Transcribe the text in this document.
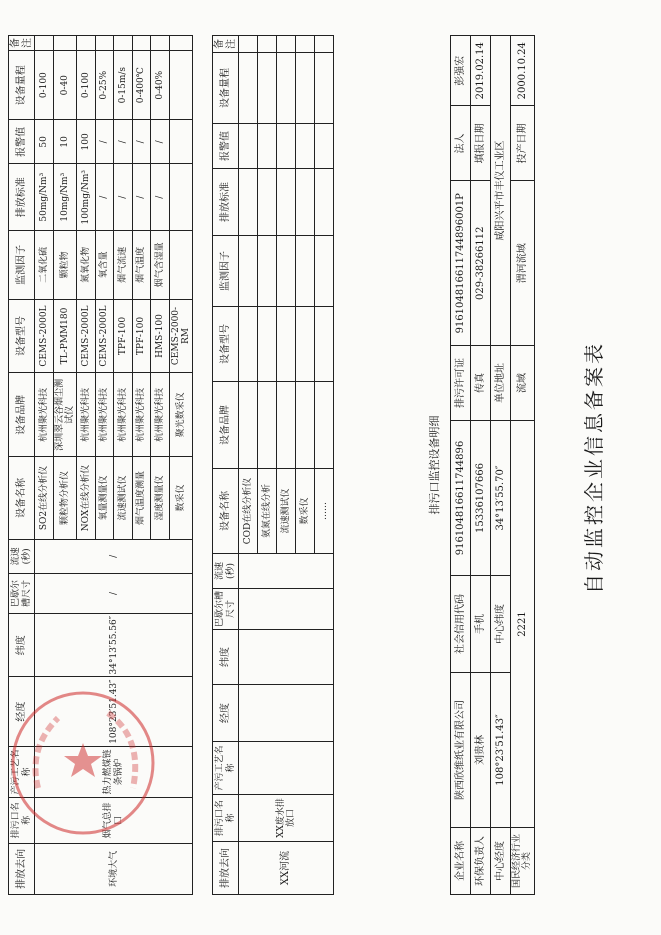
自动监控企业信息备案表
企业名称	陕西欣维纸业有限公司	社会信用代码	916104816611744896	排污许可证	916104816611744896001P	法人	彭强宏
环保负责人	刘贵林	手机	15336107666	传真	029-38266112	填报日期	2019.02.14
中心经度	108°23′51.43″	中心纬度	34°13′55.70″	单位地址	咸阳兴平市丰仪工业区		
国民经济行业分类	2221			流域	渭河流域	投产日期	2000.10.24
排污口监控设备明细
排放去向	排污口名称	产污工艺名称	经度	纬度	巴歇尔槽尺寸	流速(秒)	设备名称	设备品牌	设备型号	监测因子	排放标准	报警值	设备量程	备注
XX河流	XX废水排放口						COD在线分析仪							
							氨氮在线分析							
							流速测试仪							
							数采仪							
							……							
排放去向	排污口名称	产污工艺名称	经度	纬度	巴歇尔槽尺寸	流速(秒)	设备名称	设备品牌	设备型号	监测因子	排放标准	报警值	设备量程	备注
环境大气	烟气总排口	热力燃煤链条锅炉	108°23′51.43″	34°13′55.56″	/	/	SO2在线分析仪	杭州聚光科技	CEMS-2000L	二氧化硫	50mg/Nm³	50	0-100	
							颗粒物分析仪	深圳翠云谷烟尘测试仪	TL-PMM180	颗粒物	10mg/Nm³	10	0-40	
							NOX在线分析仪	杭州聚光科技	CEMS-2000L	氮氧化物	100mg/Nm³	100	0-100	
							氧量测量仪	杭州聚光科技	CEMS-2000L	氧含量	/	/	0-25%	
							流速测试仪	杭州聚光科技	TPF-100	烟气流速	/	/	0-15m/s	
							烟气温度测量	杭州聚光科技	TPF-100	烟气温度	/	/	0-400℃	
							湿度测量仪	杭州聚光科技	HMS-100	烟气含湿量	/	/	0-40%	
							数采仪	聚光数采仪	CEMS-2000-RM					
